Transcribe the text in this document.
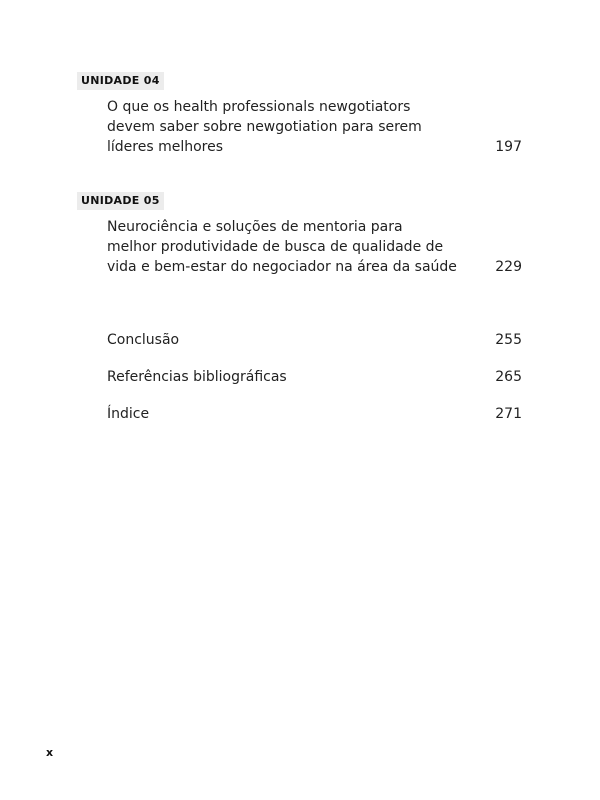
UNIDADE 04
O que os health professionals newgotiators
devem saber sobre newgotiation para serem
líderes melhores	197
UNIDADE 05
Neurociência e soluções de mentoria para
melhor produtividade de busca de qualidade de
vida e bem-estar do negociador na área da saúde	229
Conclusão	255
Referências bibliográficas	265
Índice	271
x
